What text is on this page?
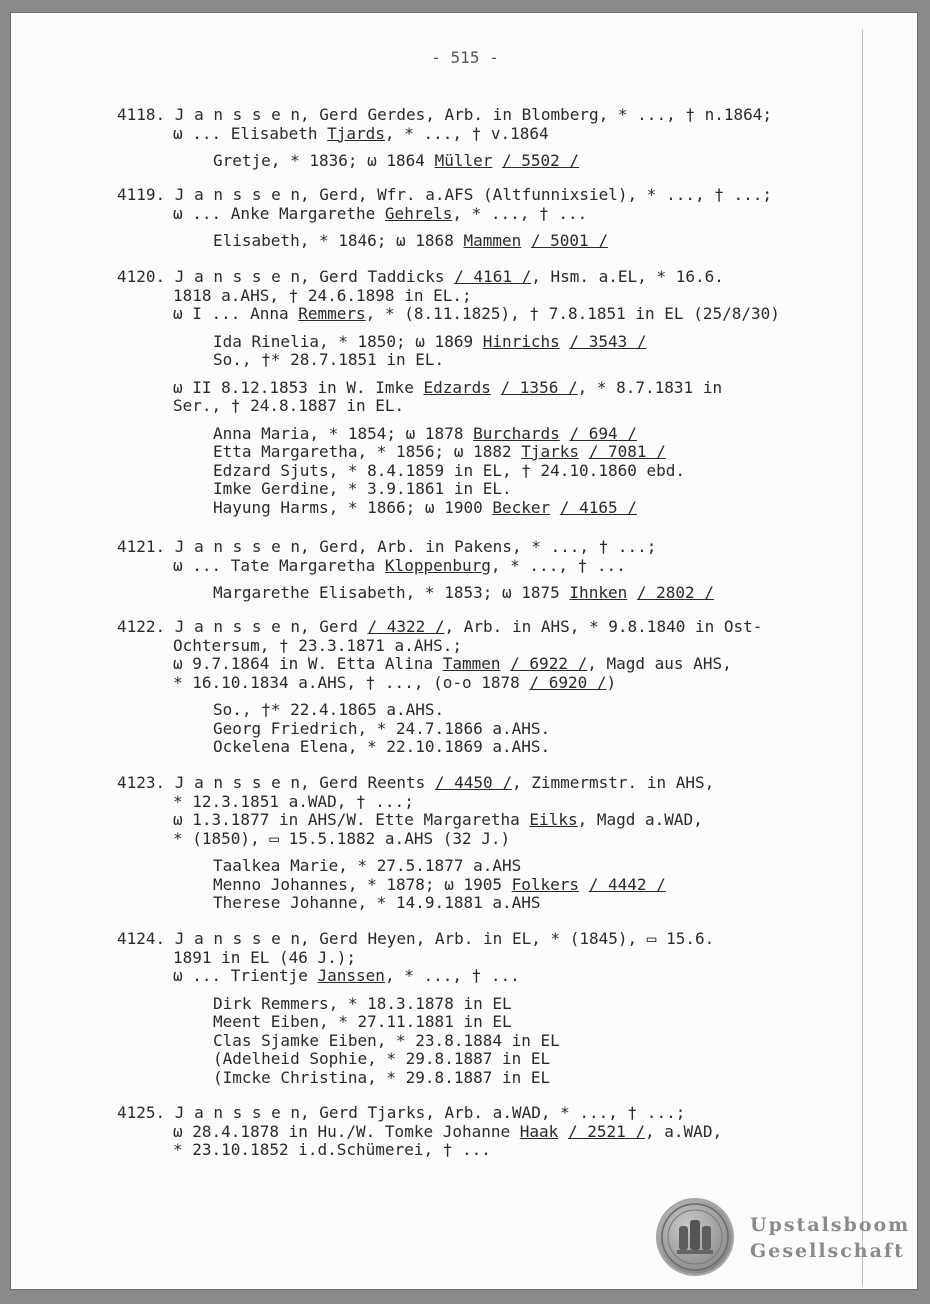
- 515 -
4118. J a n s s e n, Gerd Gerdes, Arb. in Blomberg, * ..., † n.1864;
ω ... Elisabeth Tjards, * ..., † v.1864
Gretje, * 1836; ω 1864 Müller / 5502 /
4119. J a n s s e n, Gerd, Wfr. a.AFS (Altfunnixsiel), * ..., † ...;
ω ... Anke Margarethe Gehrels, * ..., † ...
Elisabeth, * 1846; ω 1868 Mammen / 5001 /
4120. J a n s s e n, Gerd Taddicks / 4161 /, Hsm. a.EL, * 16.6.
1818 a.AHS, † 24.6.1898 in EL.;
ω I ... Anna Remmers, * (8.11.1825), † 7.8.1851 in EL (25/8/30)
Ida Rinelia, * 1850; ω 1869 Hinrichs / 3543 /
So., †* 28.7.1851 in EL.
ω II 8.12.1853 in W. Imke Edzards / 1356 /, * 8.7.1831 in
Ser., † 24.8.1887 in EL.
Anna Maria, * 1854; ω 1878 Burchards / 694 /
Etta Margaretha, * 1856; ω 1882 Tjarks / 7081 /
Edzard Sjuts, * 8.4.1859 in EL, † 24.10.1860 ebd.
Imke Gerdine, * 3.9.1861 in EL.
Hayung Harms, * 1866; ω 1900 Becker / 4165 /
4121. J a n s s e n, Gerd, Arb. in Pakens, * ..., † ...;
ω ... Tate Margaretha Kloppenburg, * ..., † ...
Margarethe Elisabeth, * 1853; ω 1875 Ihnken / 2802 /
4122. J a n s s e n, Gerd / 4322 /, Arb. in AHS, * 9.8.1840 in Ost-
Ochtersum, † 23.3.1871 a.AHS.;
ω 9.7.1864 in W. Etta Alina Tammen / 6922 /, Magd aus AHS,
* 16.10.1834 a.AHS, † ..., (o-o 1878 / 6920 /)
So., †* 22.4.1865 a.AHS.
Georg Friedrich, * 24.7.1866 a.AHS.
Ockelena Elena, * 22.10.1869 a.AHS.
4123. J a n s s e n, Gerd Reents / 4450 /, Zimmermstr. in AHS,
* 12.3.1851 a.WAD, † ...;
ω 1.3.1877 in AHS/W. Ette Margaretha Eilks, Magd a.WAD,
* (1850), ▭ 15.5.1882 a.AHS (32 J.)
Taalkea Marie, * 27.5.1877 a.AHS
Menno Johannes, * 1878; ω 1905 Folkers / 4442 /
Therese Johanne, * 14.9.1881 a.AHS
4124. J a n s s e n, Gerd Heyen, Arb. in EL, * (1845), ▭ 15.6.
1891 in EL (46 J.);
ω ... Trientje Janssen, * ..., † ...
Dirk Remmers, * 18.3.1878 in EL
Meent Eiben, * 27.11.1881 in EL
Clas Sjamke Eiben, * 23.8.1884 in EL
(Adelheid Sophie, * 29.8.1887 in EL
(Imcke Christina, * 29.8.1887 in EL
4125. J a n s s e n, Gerd Tjarks, Arb. a.WAD, * ..., † ...;
ω 28.4.1878 in Hu./W. Tomke Johanne Haak / 2521 /, a.WAD,
* 23.10.1852 i.d.Schümerei, † ...
Upstalsboom
Gesellschaft
